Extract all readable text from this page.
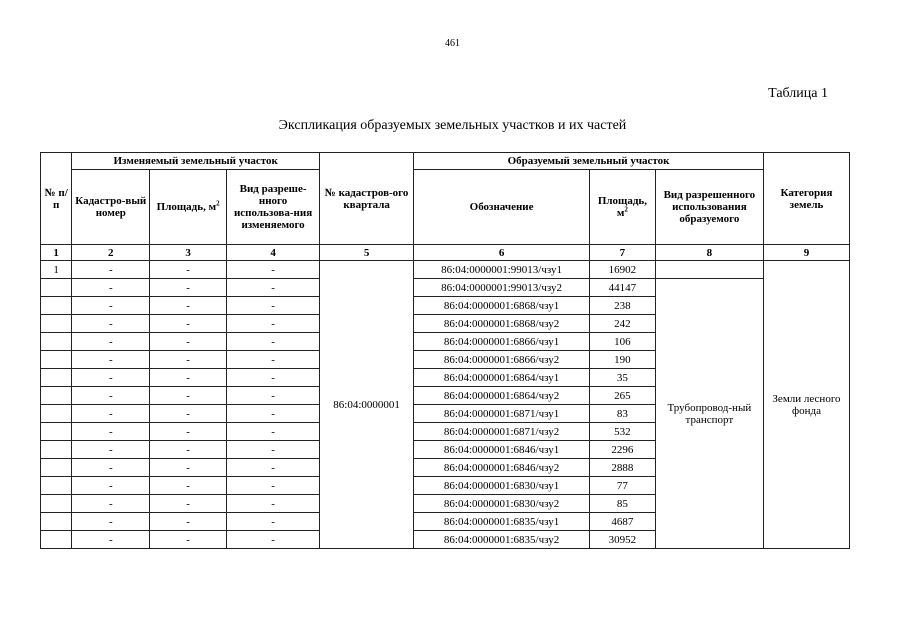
461
Таблица 1
Экспликация образуемых земельных участков и их частей
№ п/п	Изменяемый земельный участок			№ кадастров-ого квартала	Образуемый земельный участок			Категория земель
	Кадастро-вый номер	Площадь, $м^2$	Вид разреше-нного использова-ния изменяемого		Обозначение	Площадь, $м^2$	Вид разрешенного использования образуемого	
1	2	3	4	5	6	7	8	9
1	-	-	-	86:04:0000001	86:04:0000001:99013/чзу1	16902		Земли лесного фонда
	-	-	-		86:04:0000001:99013/чзу2	44147	Трубопровод-ный транспорт	
	-	-	-		86:04:0000001:6868/чзу1	238		
	-	-	-		86:04:0000001:6868/чзу2	242		
	-	-	-		86:04:0000001:6866/чзу1	106		
	-	-	-		86:04:0000001:6866/чзу2	190		
	-	-	-		86:04:0000001:6864/чзу1	35		
	-	-	-		86:04:0000001:6864/чзу2	265		
	-	-	-		86:04:0000001:6871/чзу1	83		
	-	-	-		86:04:0000001:6871/чзу2	532		
	-	-	-		86:04:0000001:6846/чзу1	2296		
	-	-	-		86:04:0000001:6846/чзу2	2888		
	-	-	-		86:04:0000001:6830/чзу1	77		
	-	-	-		86:04:0000001:6830/чзу2	85		
	-	-	-		86:04:0000001:6835/чзу1	4687		
	-	-	-		86:04:0000001:6835/чзу2	30952		
